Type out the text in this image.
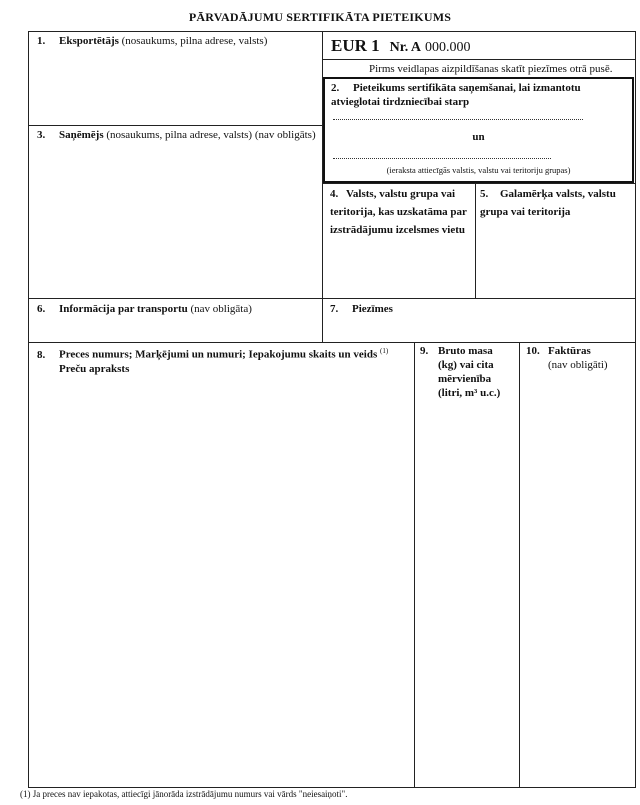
PĀRVADĀJUMU SERTIFIKĀTA PIETEIKUMS
1. Eksportētājs (nosaukums, pilna adrese, valsts)	EUR 1 Nr. A 000.000
Pirms veidlapas aizpildīšanas skatīt piezīmes otrā pusē.
2. Pieteikums sertifikāta saņemšanai, lai izmantotu atvieglotai tirdzniecībai starp
un
(ieraksta attiecīgās valstis, valstu vai teritoriju grupas)
3. Saņēmējs (nosaukums, pilna adrese, valsts) (nav obligāts)
4. Valsts, valstu grupa vai teritorija, kas uzskatāma par izstrādājumu izcelsmes vietu
5. Galamērķa valsts, valstu grupa vai teritorija
6. Informācija par transportu (nav obligāta)	7. Piezīmes
8. Preces numurs; Marķējumi un numuri; Iepakojumu skaits un veids $^{(1)}$
Preču apraksts
9. Bruto masa (kg) vai cita mērvienība (litri, m³ u.c.)
10. Faktūras
(nav obligāti)
(1) Ja preces nav iepakotas, attiecīgi jānorāda izstrādājumu numurs vai vārds "neiesaiņoti".
